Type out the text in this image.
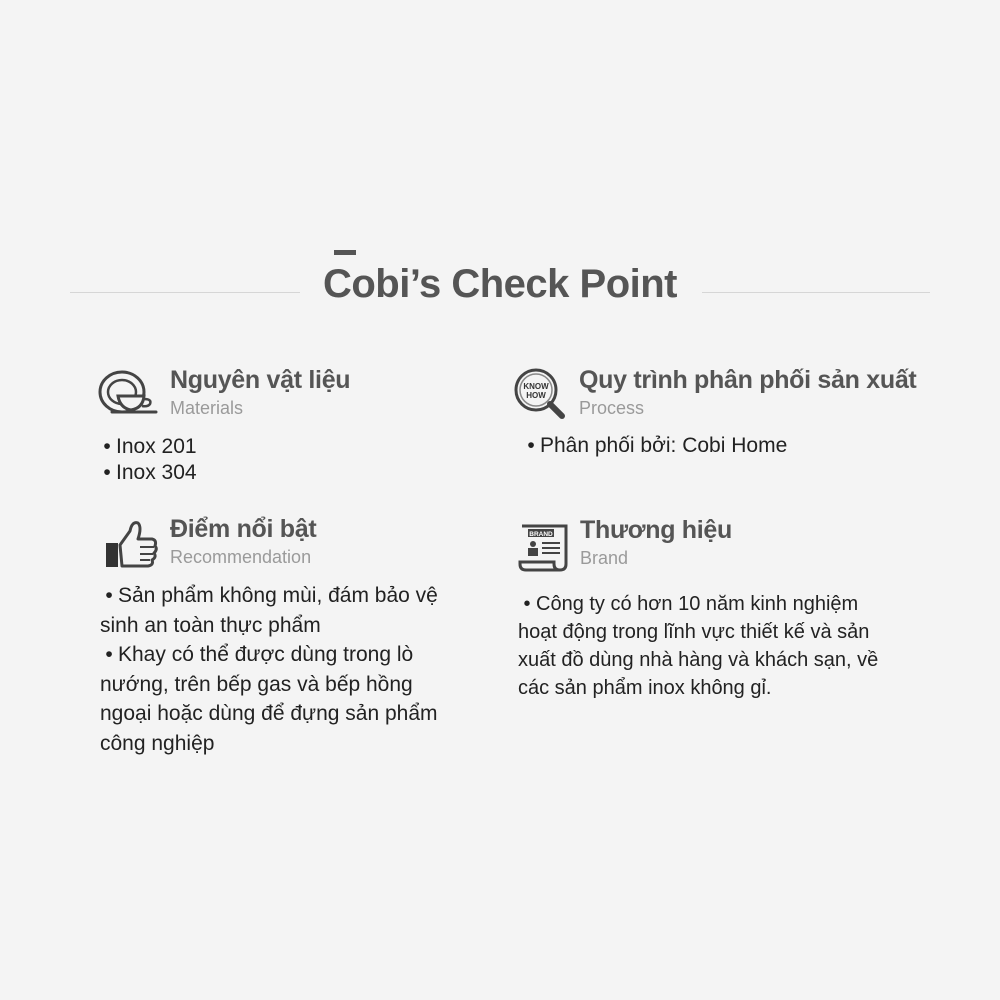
Cobi’s Check Point
Nguyên vật liệu
Materials
• Inox 201
• Inox 304
KNOW
HOW
Quy trình phân phối sản xuất
Process
• Phân phối bởi: Cobi Home
Điểm nổi bật
Recommendation
• Sản phẩm không mùi, đám bảo vệ sinh an toàn thực phẩm
• Khay có thể được dùng trong lò nướng, trên bếp gas và bếp hồng ngoại hoặc dùng để đựng sản phẩm công nghiệp
BRAND Thương hiệu
Brand
• Công ty có hơn 10 năm kinh nghiệm hoạt động trong lĩnh vực thiết kế và sản xuất đồ dùng nhà hàng và khách sạn, về các sản phẩm inox không gỉ.
